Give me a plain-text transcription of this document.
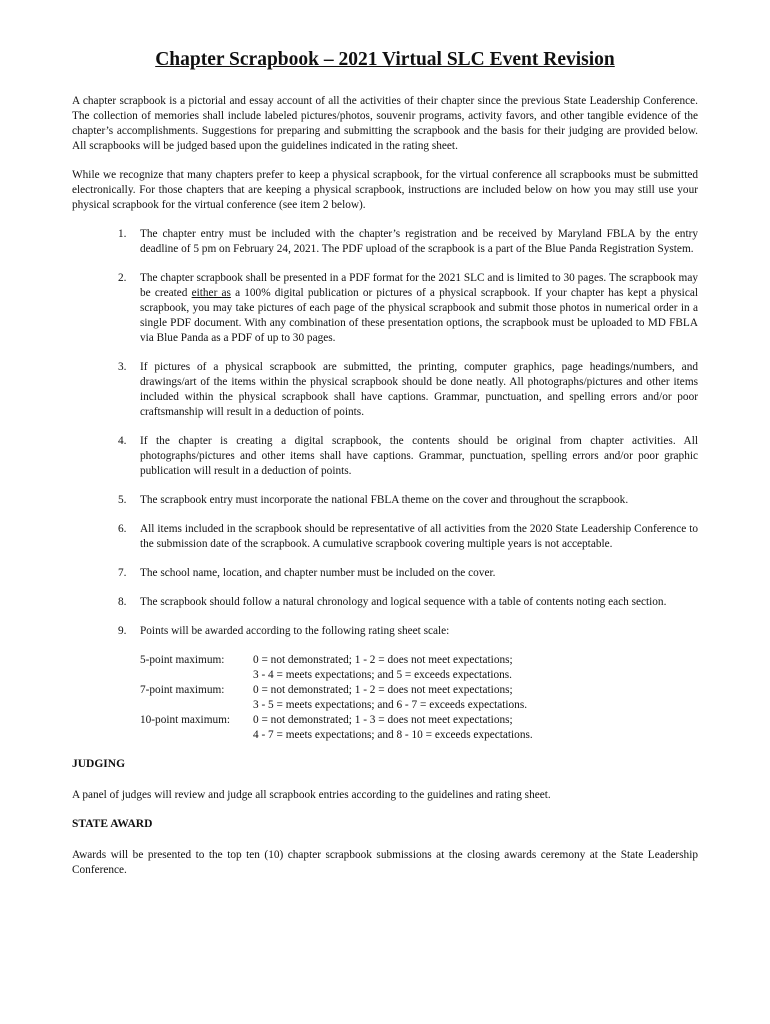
Chapter Scrapbook – 2021 Virtual SLC Event Revision

A chapter scrapbook is a pictorial and essay account of all the activities of their chapter since the previous State Leadership Conference. The collection of memories shall include labeled pictures/photos, souvenir programs, activity favors, and other tangible evidence of the chapter’s accomplishments. Suggestions for preparing and submitting the scrapbook and the basis for their judging are provided below. All scrapbooks will be judged based upon the guidelines indicated in the rating sheet.

While we recognize that many chapters prefer to keep a physical scrapbook, for the virtual conference all scrapbooks must be submitted electronically. For those chapters that are keeping a physical scrapbook, instructions are included below on how you may still use your physical scrapbook for the virtual conference (see item 2 below).

1. The chapter entry must be included with the chapter’s registration and be received by Maryland FBLA by the entry deadline of 5 pm on February 24, 2021. The PDF upload of the scrapbook is a part of the Blue Panda Registration System.
2. The chapter scrapbook shall be presented in a PDF format for the 2021 SLC and is limited to 30 pages. The scrapbook may be created either as a 100% digital publication or pictures of a physical scrapbook. If your chapter has kept a physical scrapbook, you may take pictures of each page of the physical scrapbook and submit those photos in numerical order in a single PDF document. With any combination of these presentation options, the scrapbook must be uploaded to MD FBLA via Blue Panda as a PDF of up to 30 pages.
3. If pictures of a physical scrapbook are submitted, the printing, computer graphics, page headings/numbers, and drawings/art of the items within the physical scrapbook should be done neatly. All photographs/pictures and other items included within the physical scrapbook shall have captions. Grammar, punctuation, and spelling errors and/or poor craftsmanship will result in a deduction of points.
4. If the chapter is creating a digital scrapbook, the contents should be original from chapter activities. All photographs/pictures and other items shall have captions. Grammar, punctuation, spelling errors and/or poor graphic publication will result in a deduction of points.
5. The scrapbook entry must incorporate the national FBLA theme on the cover and throughout the scrapbook.
6. All items included in the scrapbook should be representative of all activities from the 2020 State Leadership Conference to the submission date of the scrapbook. A cumulative scrapbook covering multiple years is not acceptable.
7. The school name, location, and chapter number must be included on the cover.
8. The scrapbook should follow a natural chronology and logical sequence with a table of contents noting each section.
9. Points will be awarded according to the following rating sheet scale:
5-point maximum:	0 = not demonstrated; 1 - 2 = does not meet expectations;
3 - 4 = meets expectations; and 5 = exceeds expectations.
7-point maximum:	0 = not demonstrated; 1 - 2 = does not meet expectations;
3 - 5 = meets expectations; and 6 - 7 = exceeds expectations.
10-point maximum:	0 = not demonstrated; 1 - 3 = does not meet expectations;
4 - 7 = meets expectations; and 8 - 10 = exceeds expectations.
JUDGING

A panel of judges will review and judge all scrapbook entries according to the guidelines and rating sheet.

STATE AWARD

Awards will be presented to the top ten (10) chapter scrapbook submissions at the closing awards ceremony at the State Leadership Conference.
